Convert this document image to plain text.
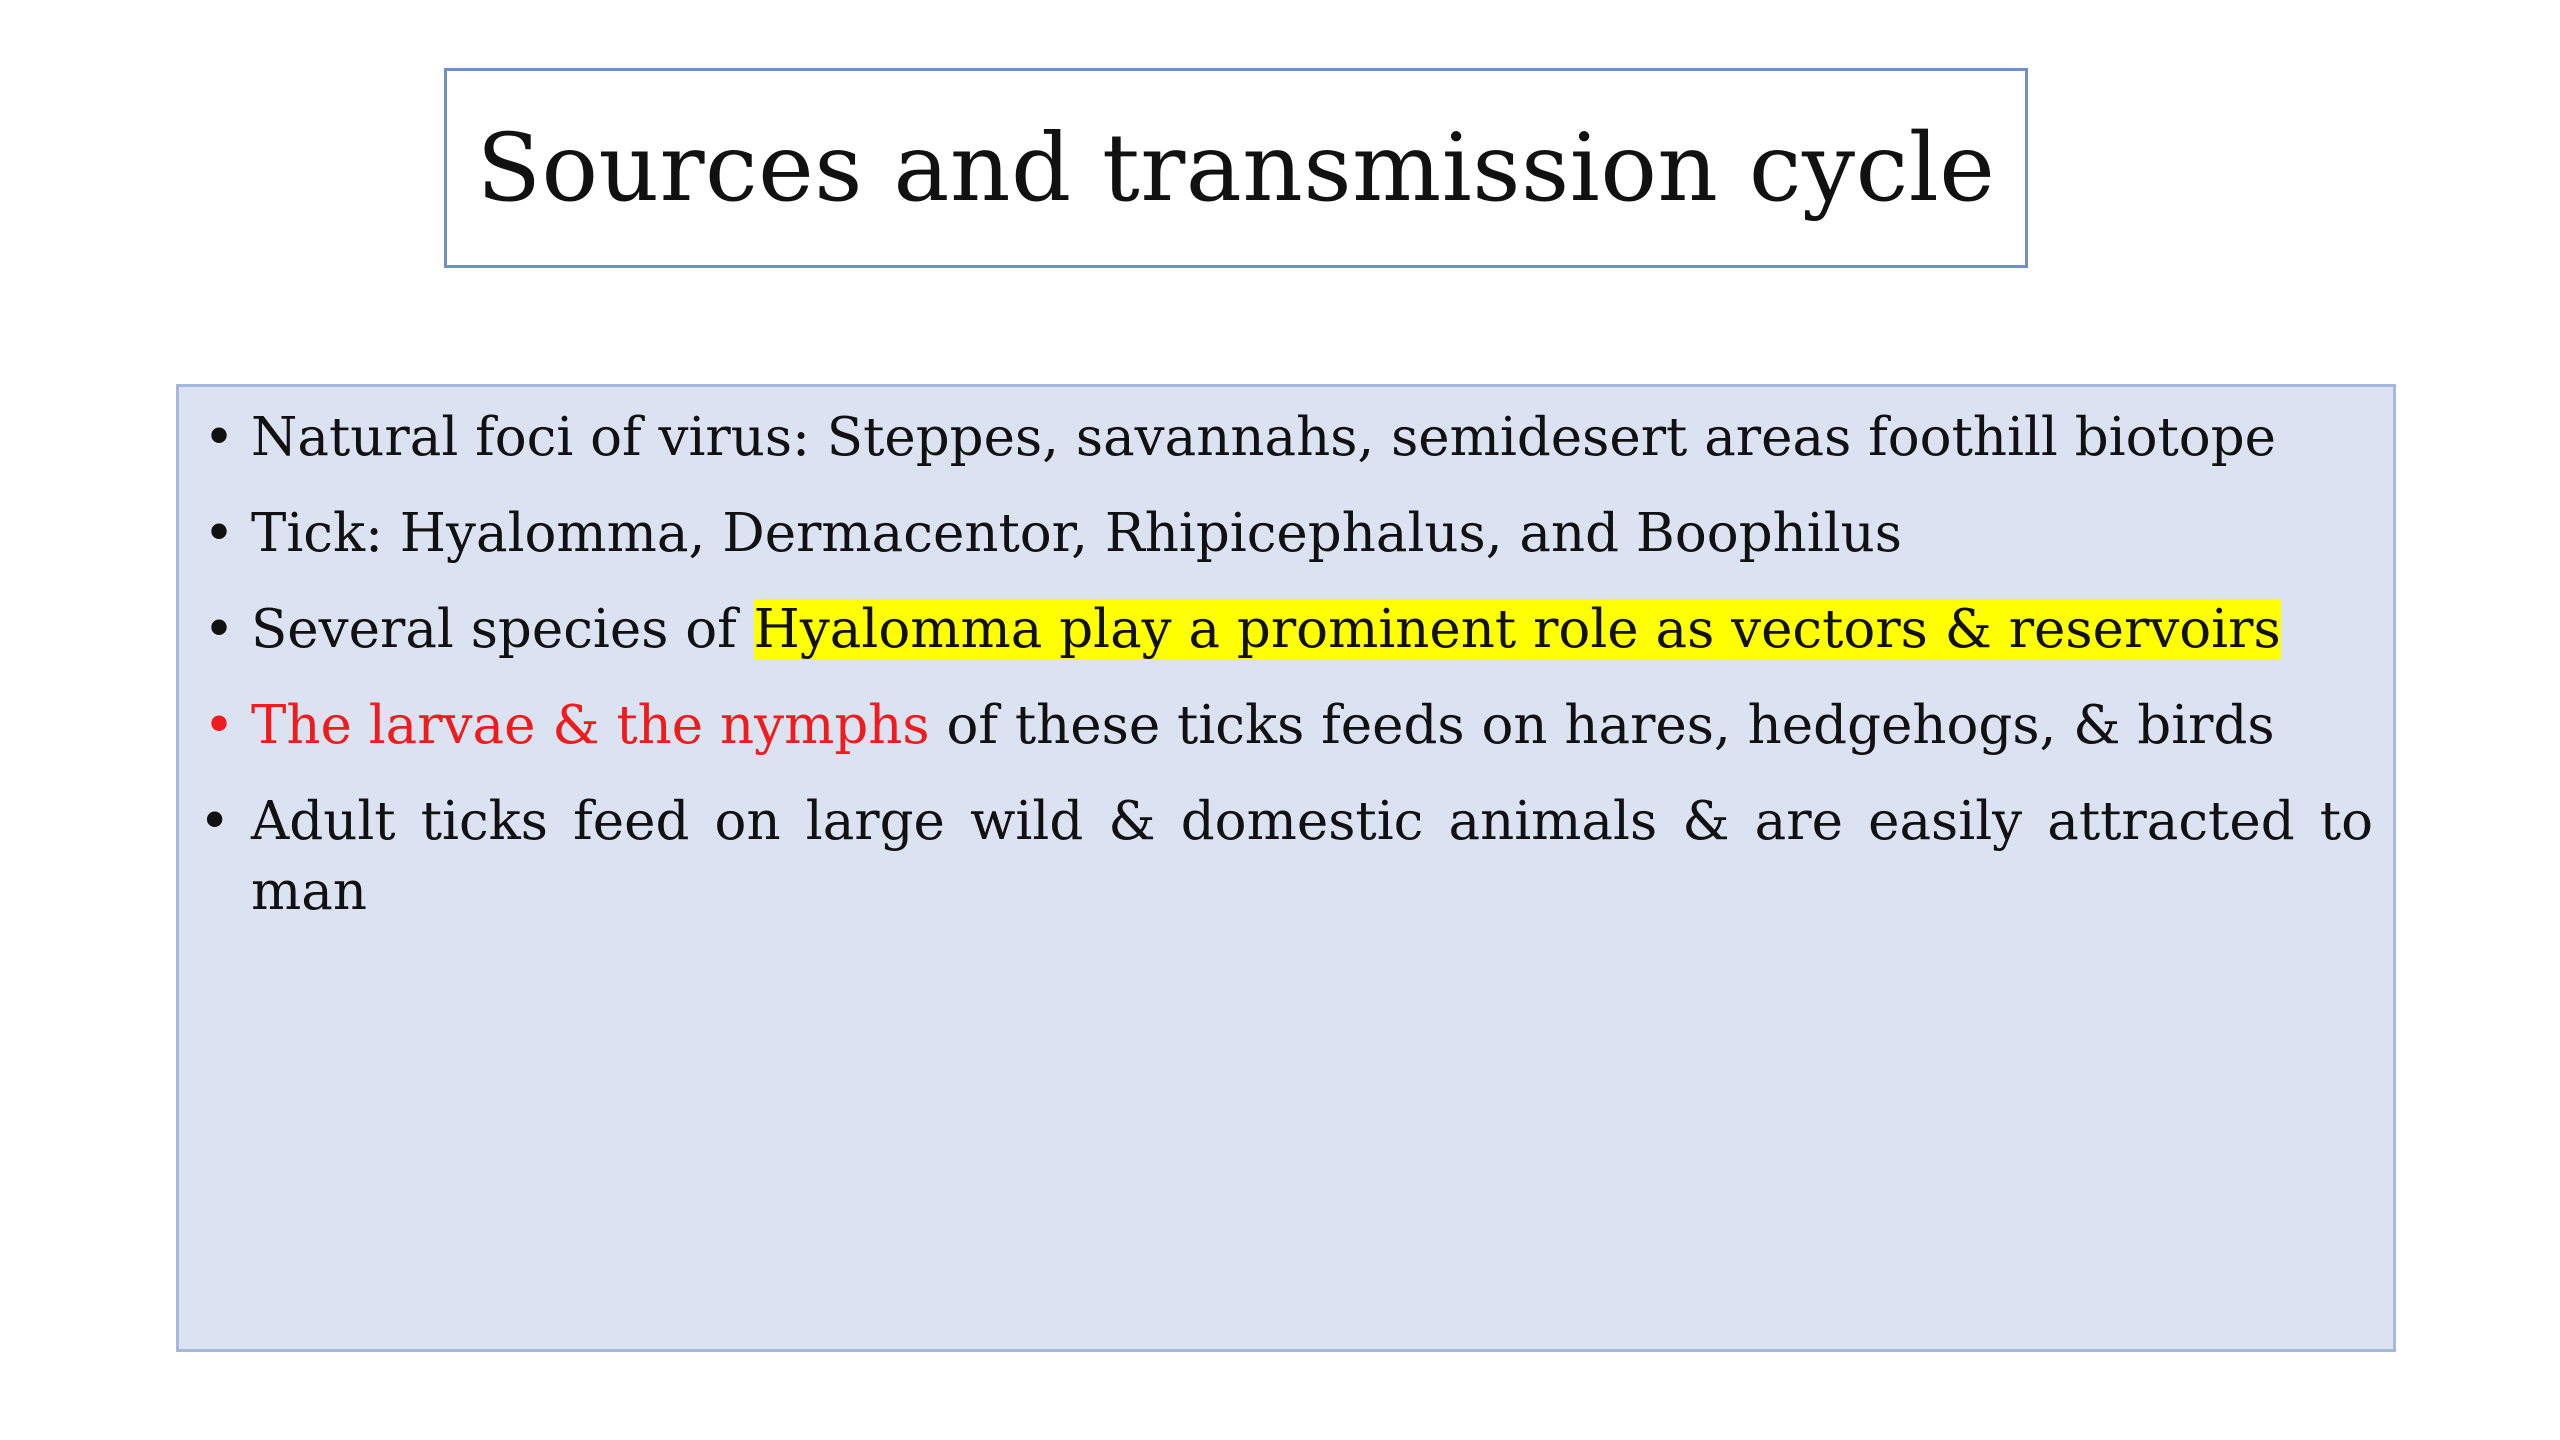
Sources and transmission cycle
• Natural foci of virus: Steppes, savannahs, semidesert areas foothill biotope
• Tick: Hyalomma, Dermacentor, Rhipicephalus, and Boophilus
• Several species of Hyalomma play a prominent role as vectors & reservoirs
• The larvae & the nymphs of these ticks feeds on hares, hedgehogs, & birds
• Adult ticks feed on large wild & domestic animals & are easily attracted to
man
